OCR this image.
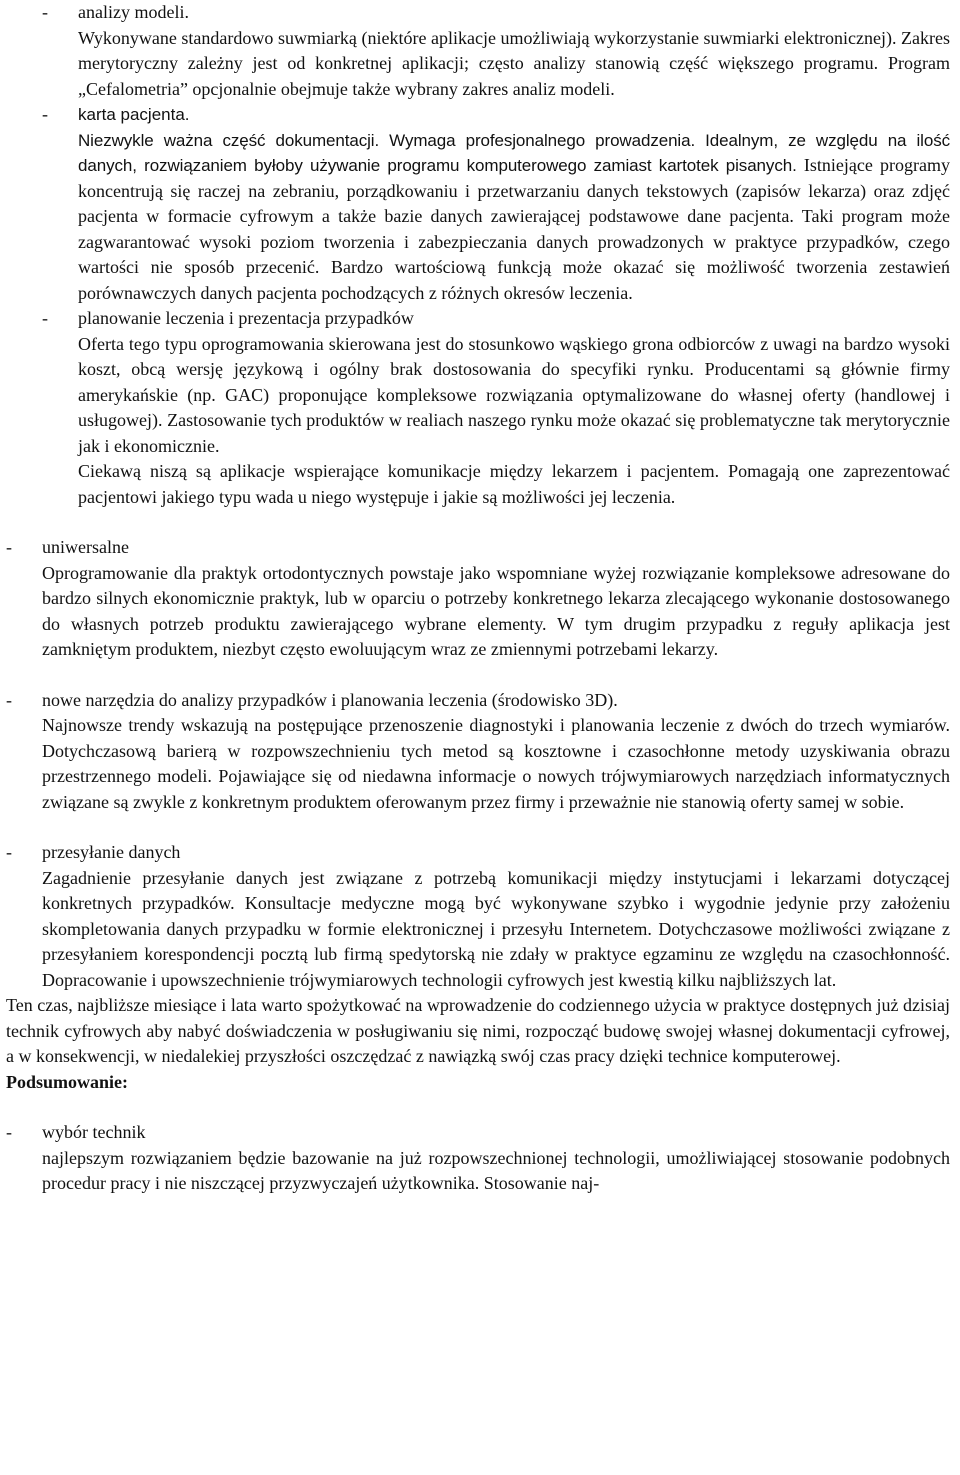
- analizy modeli.

Wykonywane standardowo suwmiarką (niektóre aplikacje umożliwiają wykorzystanie suwmiarki elektronicznej). Zakres merytoryczny zależny jest od konkretnej aplikacji; często analizy stanowią część większego programu. Program „Cefalometria” opcjonalnie obejmuje także wybrany zakres analiz modeli.

- karta pacjenta.

Niezwykle ważna część dokumentacji. Wymaga profesjonalnego prowadzenia. Idealnym, ze względu na ilość danych, rozwiązaniem byłoby używanie programu komputerowego zamiast kartotek pisanych. Istniejące programy koncentrują się raczej na zebraniu, porządkowaniu i przetwarzaniu danych tekstowych (zapisów lekarza) oraz zdjęć pacjenta w formacie cyfrowym a także bazie danych zawierającej podstawowe dane pacjenta. Taki program może zagwarantować wysoki poziom tworzenia i zabezpieczania danych prowadzonych w praktyce przypadków, czego wartości nie sposób przecenić. Bardzo wartościową funkcją może okazać się możliwość tworzenia zestawień porównawczych danych pacjenta pochodzących z różnych okresów leczenia.

- planowanie leczenia i prezentacja przypadków

Oferta tego typu oprogramowania skierowana jest do stosunkowo wąskiego grona odbiorców z uwagi na bardzo wysoki koszt, obcą wersję językową i ogólny brak dostosowania do specyfiki rynku. Producentami są głównie firmy amerykańskie (np. GAC) proponujące kompleksowe rozwiązania optymalizowane do własnej oferty (handlowej i usługowej). Zastosowanie tych produktów w realiach naszego rynku może okazać się problematyczne tak merytorycznie jak i ekonomicznie.

Ciekawą niszą są aplikacje wspierające komunikacje między lekarzem i pacjentem. Pomagają one zaprezentować pacjentowi jakiego typu wada u niego występuje i jakie są możliwości jej leczenia.

- uniwersalne

Oprogramowanie dla praktyk ortodontycznych powstaje jako wspomniane wyżej rozwiązanie kompleksowe adresowane do bardzo silnych ekonomicznie praktyk, lub w oparciu o potrzeby konkretnego lekarza zlecającego wykonanie dostosowanego do własnych potrzeb produktu zawierającego wybrane elementy. W tym drugim przypadku z reguły aplikacja jest zamkniętym produktem, niezbyt często ewoluującym wraz ze zmiennymi potrzebami lekarzy.

- nowe narzędzia do analizy przypadków i planowania leczenia (środowisko 3D).

Najnowsze trendy wskazują na postępujące przenoszenie diagnostyki i planowania leczenie z dwóch do trzech wymiarów. Dotychczasową barierą w rozpowszechnieniu tych metod są kosztowne i czasochłonne metody uzyskiwania obrazu przestrzennego modeli. Pojawiające się od niedawna informacje o nowych trójwymiarowych narzędziach informatycznych związane są zwykle z konkretnym produktem oferowanym przez firmy i przeważnie nie stanowią oferty samej w sobie.

- przesyłanie danych

Zagadnienie przesyłanie danych jest związane z potrzebą komunikacji między instytucjami i lekarzami dotyczącej konkretnych przypadków. Konsultacje medyczne mogą być wykonywane szybko i wygodnie jedynie przy założeniu skompletowania danych przypadku w formie elektronicznej i przesyłu Internetem. Dotychczasowe możliwości związane z przesyłaniem korespondencji pocztą lub firmą spedytorską nie zdały w praktyce egzaminu ze względu na czasochłonność. Dopracowanie i upowszechnienie trójwymiarowych technologii cyfrowych jest kwestią kilku najbliższych lat.

Ten czas, najbliższe miesiące i lata warto spożytkować na wprowadzenie do codziennego użycia w praktyce dostępnych już dzisiaj technik cyfrowych aby nabyć doświadczenia w posługiwaniu się nimi, rozpocząć budowę swojej własnej dokumentacji cyfrowej, a w konsekwencji, w niedalekiej przyszłości oszczędzać z nawiązką swój czas pracy dzięki technice komputerowej.

Podsumowanie:

- wybór technik

najlepszym rozwiązaniem będzie bazowanie na już rozpowszechnionej technologii, umożliwiającej stosowanie podobnych procedur pracy i nie niszczącej przyzwyczajeń użytkownika. Stosowanie naj-
